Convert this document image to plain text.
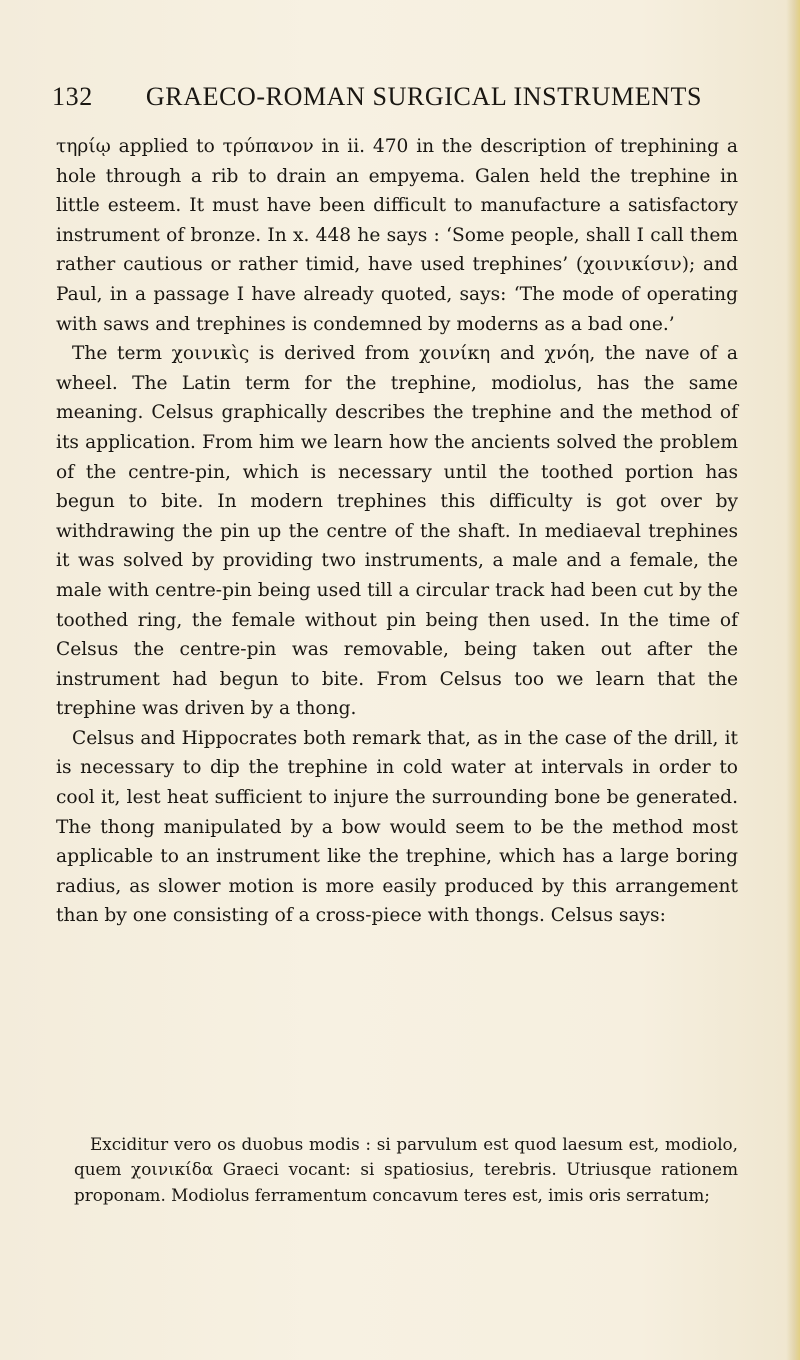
132	GRAECO-ROMAN SURGICAL INSTRUMENTS

τηρίῳ applied to τρύπανον in ii. 470 in the description of trephining a hole through a rib to drain an empyema. Galen held the trephine in little esteem. It must have been difficult to manufacture a satisfactory instrument of bronze. In x. 448 he says : ‘Some people, shall I call them rather cautious or rather timid, have used trephines’ (χοινικίσιν); and Paul, in a passage I have already quoted, says: ‘The mode of operating with saws and trephines is condemned by moderns as a bad one.’

The term χοινικὶς is derived from χοινίκη and χνόη, the nave of a wheel. The Latin term for the trephine, modiolus, has the same meaning. Celsus graphically describes the trephine and the method of its application. From him we learn how the ancients solved the problem of the centre-pin, which is necessary until the toothed portion has begun to bite. In modern trephines this difficulty is got over by withdrawing the pin up the centre of the shaft. In mediaeval trephines it was solved by providing two instruments, a male and a female, the male with centre-pin being used till a circular track had been cut by the toothed ring, the female without pin being then used. In the time of Celsus the centre-pin was removable, being taken out after the instrument had begun to bite. From Celsus too we learn that the trephine was driven by a thong.

Celsus and Hippocrates both remark that, as in the case of the drill, it is necessary to dip the trephine in cold water at intervals in order to cool it, lest heat sufficient to injure the surrounding bone be generated. The thong manipulated by a bow would seem to be the method most applicable to an instrument like the trephine, which has a large boring radius, as slower motion is more easily produced by this arrangement than by one consisting of a cross-piece with thongs. Celsus says:

Exciditur vero os duobus modis : si parvulum est quod laesum est, modiolo, quem χοινικίδα Graeci vocant: si spatiosius, terebris. Utriusque rationem proponam. Modiolus ferramentum concavum teres est, imis oris serratum;
